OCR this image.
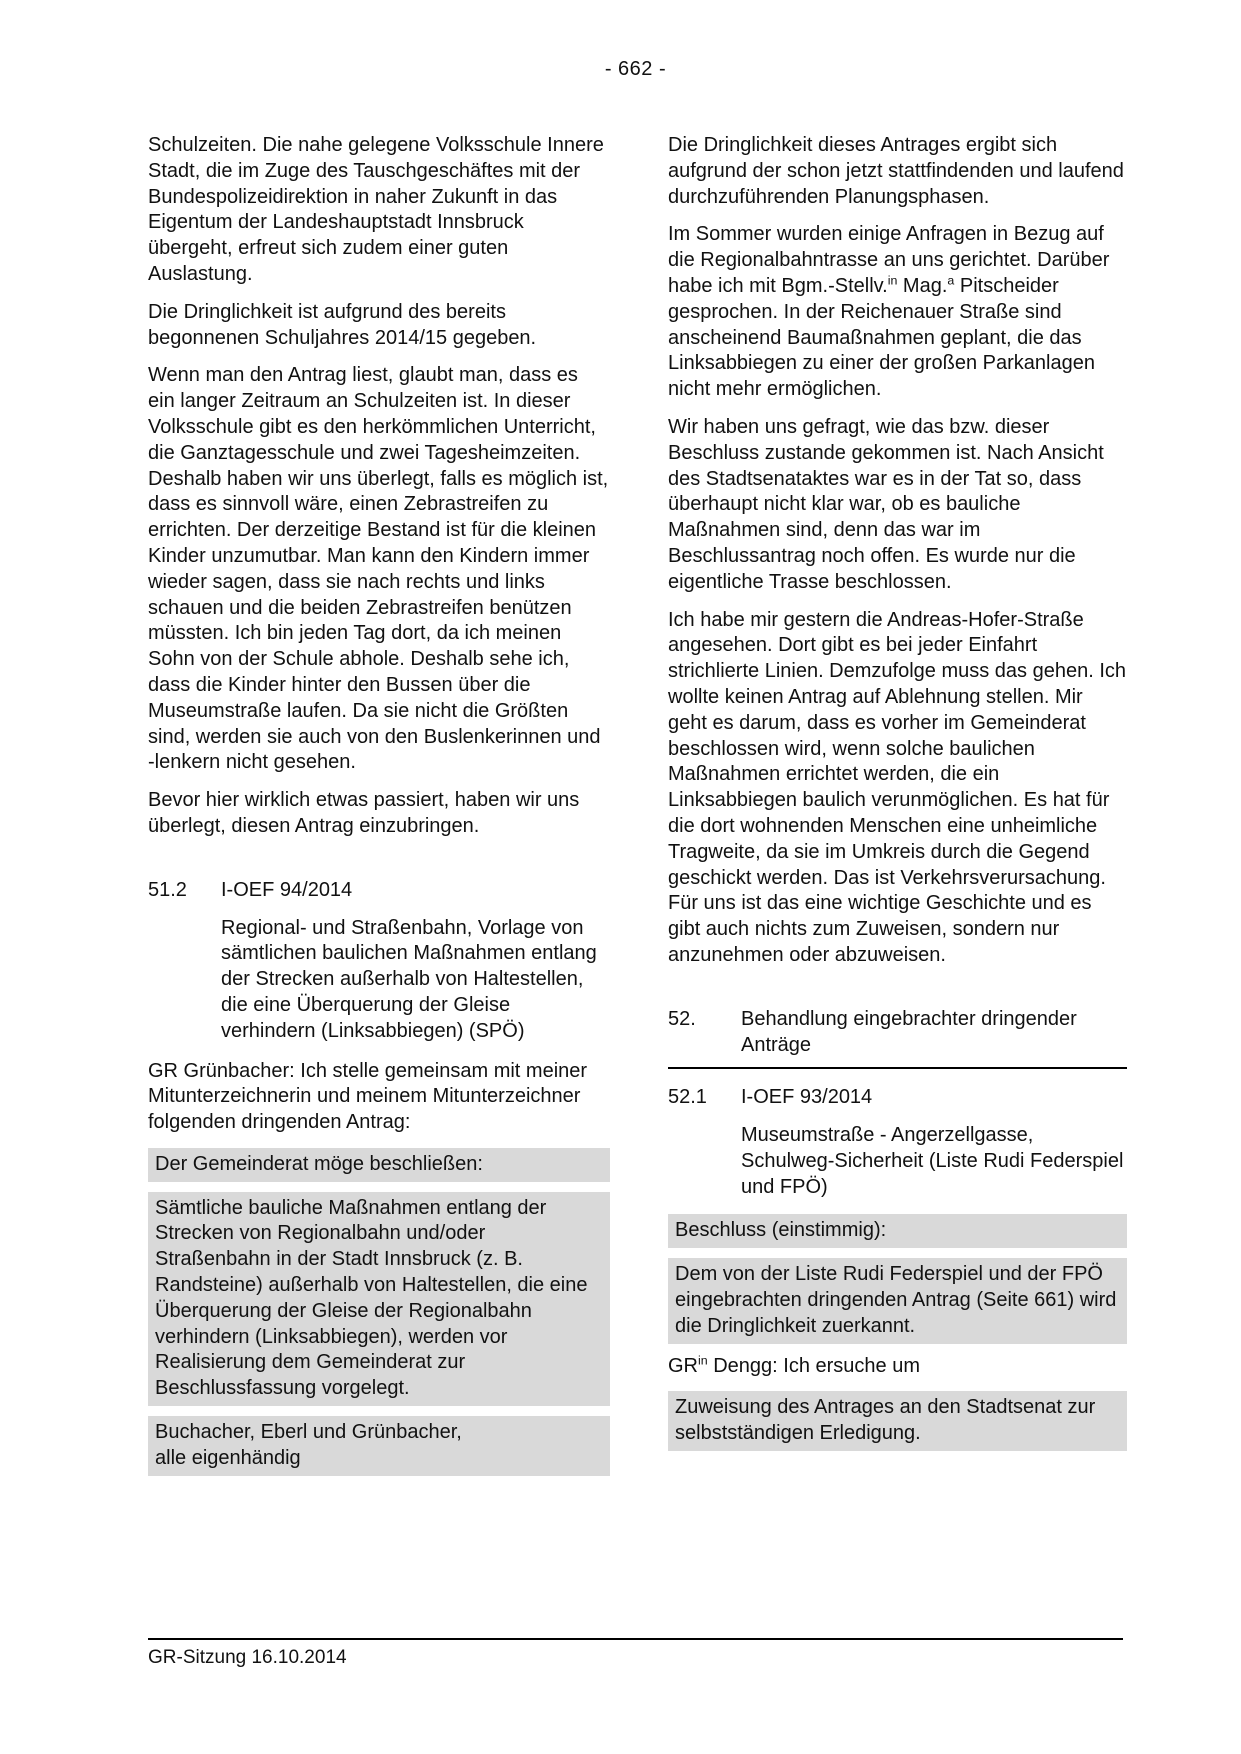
- 662 -

Schulzeiten. Die nahe gelegene Volksschule Innere Stadt, die im Zuge des Tauschgeschäftes mit der Bundespolizeidirektion in naher Zukunft in das Eigentum der Landeshauptstadt Innsbruck übergeht, erfreut sich zudem einer guten Auslastung.

Die Dringlichkeit ist aufgrund des bereits begonnenen Schuljahres 2014/15 gegeben.

Wenn man den Antrag liest, glaubt man, dass es ein langer Zeitraum an Schulzeiten ist. In dieser Volksschule gibt es den herkömmlichen Unterricht, die Ganztagesschule und zwei Tagesheimzeiten. Deshalb haben wir uns überlegt, falls es möglich ist, dass es sinnvoll wäre, einen Zebrastreifen zu errichten. Der derzeitige Bestand ist für die kleinen Kinder unzumutbar. Man kann den Kindern immer wieder sagen, dass sie nach rechts und links schauen und die beiden Zebrastreifen benützen müssten. Ich bin jeden Tag dort, da ich meinen Sohn von der Schule abhole. Deshalb sehe ich, dass die Kinder hinter den Bussen über die Museumstraße laufen. Da sie nicht die Größten sind, werden sie auch von den Buslenkerinnen und -lenkern nicht gesehen.

Bevor hier wirklich etwas passiert, haben wir uns überlegt, diesen Antrag einzubringen.

51.2	I-OEF 94/2014
Regional- und Straßenbahn, Vorlage von sämtlichen baulichen Maßnahmen entlang der Strecken außerhalb von Haltestellen, die eine Überquerung der Gleise verhindern (Linksabbiegen) (SPÖ)

GR Grünbacher: Ich stelle gemeinsam mit meiner Mitunterzeichnerin und meinem Mitunterzeichner folgenden dringenden Antrag:

Der Gemeinderat möge beschließen:
Sämtliche bauliche Maßnahmen entlang der Strecken von Regionalbahn und/oder Straßenbahn in der Stadt Innsbruck (z. B. Randsteine) außerhalb von Haltestellen, die eine Überquerung der Gleise der Regionalbahn verhindern (Linksabbiegen), werden vor Realisierung dem Gemeinderat zur Beschlussfassung vorgelegt.
Buchacher, Eberl und Grünbacher,
alle eigenhändig

Die Dringlichkeit dieses Antrages ergibt sich aufgrund der schon jetzt stattfindenden und laufend durchzuführenden Planungsphasen.

Im Sommer wurden einige Anfragen in Bezug auf die Regionalbahntrasse an uns gerichtet. Darüber habe ich mit Bgm.-Stellv.$^{in}$ Mag.$^a$ Pitscheider gesprochen. In der Reichenauer Straße sind anscheinend Baumaßnahmen geplant, die das Linksabbiegen zu einer der großen Parkanlagen nicht mehr ermöglichen.

Wir haben uns gefragt, wie das bzw. dieser Beschluss zustande gekommen ist. Nach Ansicht des Stadtsenataktes war es in der Tat so, dass überhaupt nicht klar war, ob es bauliche Maßnahmen sind, denn das war im Beschlussantrag noch offen. Es wurde nur die eigentliche Trasse beschlossen.

Ich habe mir gestern die Andreas-Hofer-Straße angesehen. Dort gibt es bei jeder Einfahrt strichlierte Linien. Demzufolge muss das gehen. Ich wollte keinen Antrag auf Ablehnung stellen. Mir geht es darum, dass es vorher im Gemeinderat beschlossen wird, wenn solche baulichen Maßnahmen errichtet werden, die ein Linksabbiegen baulich verunmöglichen. Es hat für die dort wohnenden Menschen eine unheimliche Tragweite, da sie im Umkreis durch die Gegend geschickt werden. Das ist Verkehrsverursachung. Für uns ist das eine wichtige Geschichte und es gibt auch nichts zum Zuweisen, sondern nur anzunehmen oder abzuweisen.

52.	Behandlung eingebrachter dringender Anträge
52.1	I-OEF 93/2014
Museumstraße - Angerzellgasse, Schulweg-Sicherheit (Liste Rudi Federspiel und FPÖ)
Beschluss (einstimmig):
Dem von der Liste Rudi Federspiel und der FPÖ eingebrachten dringenden Antrag (Seite 661) wird die Dringlichkeit zuerkannt.

$GR^{in}$ Dengg: Ich ersuche um

Zuweisung des Antrages an den Stadtsenat zur selbstständigen Erledigung.
GR-Sitzung 16.10.2014
